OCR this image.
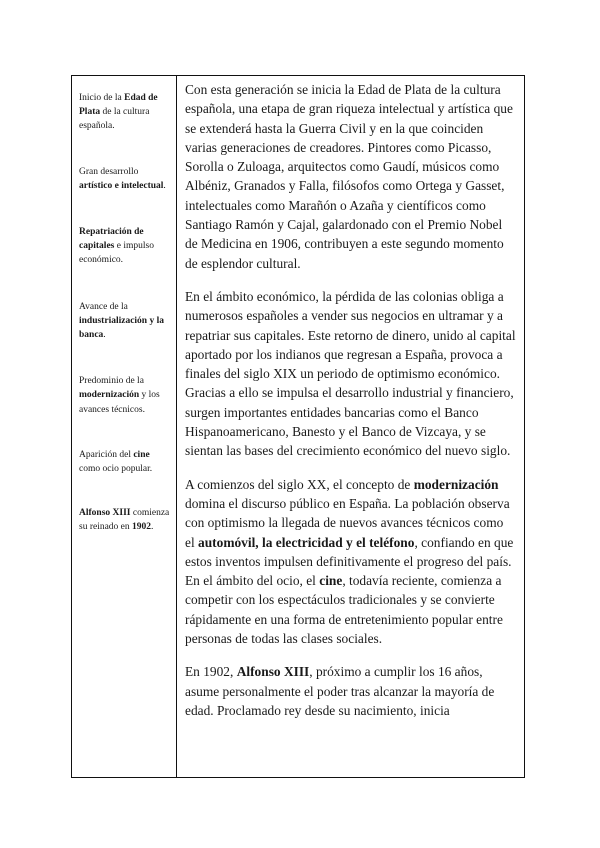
Inicio de la Edad de Plata de la cultura española.

Gran desarrollo artístico e intelectual.

Repatriación de capitales e impulso económico.

Avance de la industrialización y la banca.

Predominio de la modernización y los avances técnicos.

Aparición del cine como ocio popular.

Alfonso XIII comienza su reinado en 1902.

Con esta generación se inicia la Edad de Plata de la cultura española, una etapa de gran riqueza intelectual y artística que se extenderá hasta la Guerra Civil y en la que coinciden varias generaciones de creadores. Pintores como Picasso, Sorolla o Zuloaga, arquitectos como Gaudí, músicos como Albéniz, Granados y Falla, filósofos como Ortega y Gasset, intelectuales como Marañón o Azaña y científicos como Santiago Ramón y Cajal, galardonado con el Premio Nobel de Medicina en 1906, contribuyen a este segundo momento de esplendor cultural.

En el ámbito económico, la pérdida de las colonias obliga a numerosos españoles a vender sus negocios en ultramar y a repatriar sus capitales. Este retorno de dinero, unido al capital aportado por los indianos que regresan a España, provoca a finales del siglo XIX un periodo de optimismo económico. Gracias a ello se impulsa el desarrollo industrial y financiero, surgen importantes entidades bancarias como el Banco Hispanoamericano, Banesto y el Banco de Vizcaya, y se sientan las bases del crecimiento económico del nuevo siglo.

A comienzos del siglo XX, el concepto de modernización domina el discurso público en España. La población observa con optimismo la llegada de nuevos avances técnicos como el automóvil, la electricidad y el teléfono, confiando en que estos inventos impulsen definitivamente el progreso del país. En el ámbito del ocio, el cine, todavía reciente, comienza a competir con los espectáculos tradicionales y se convierte rápidamente en una forma de entretenimiento popular entre personas de todas las clases sociales.

En 1902, Alfonso XIII, próximo a cumplir los 16 años, asume personalmente el poder tras alcanzar la mayoría de edad. Proclamado rey desde su nacimiento, inicia
